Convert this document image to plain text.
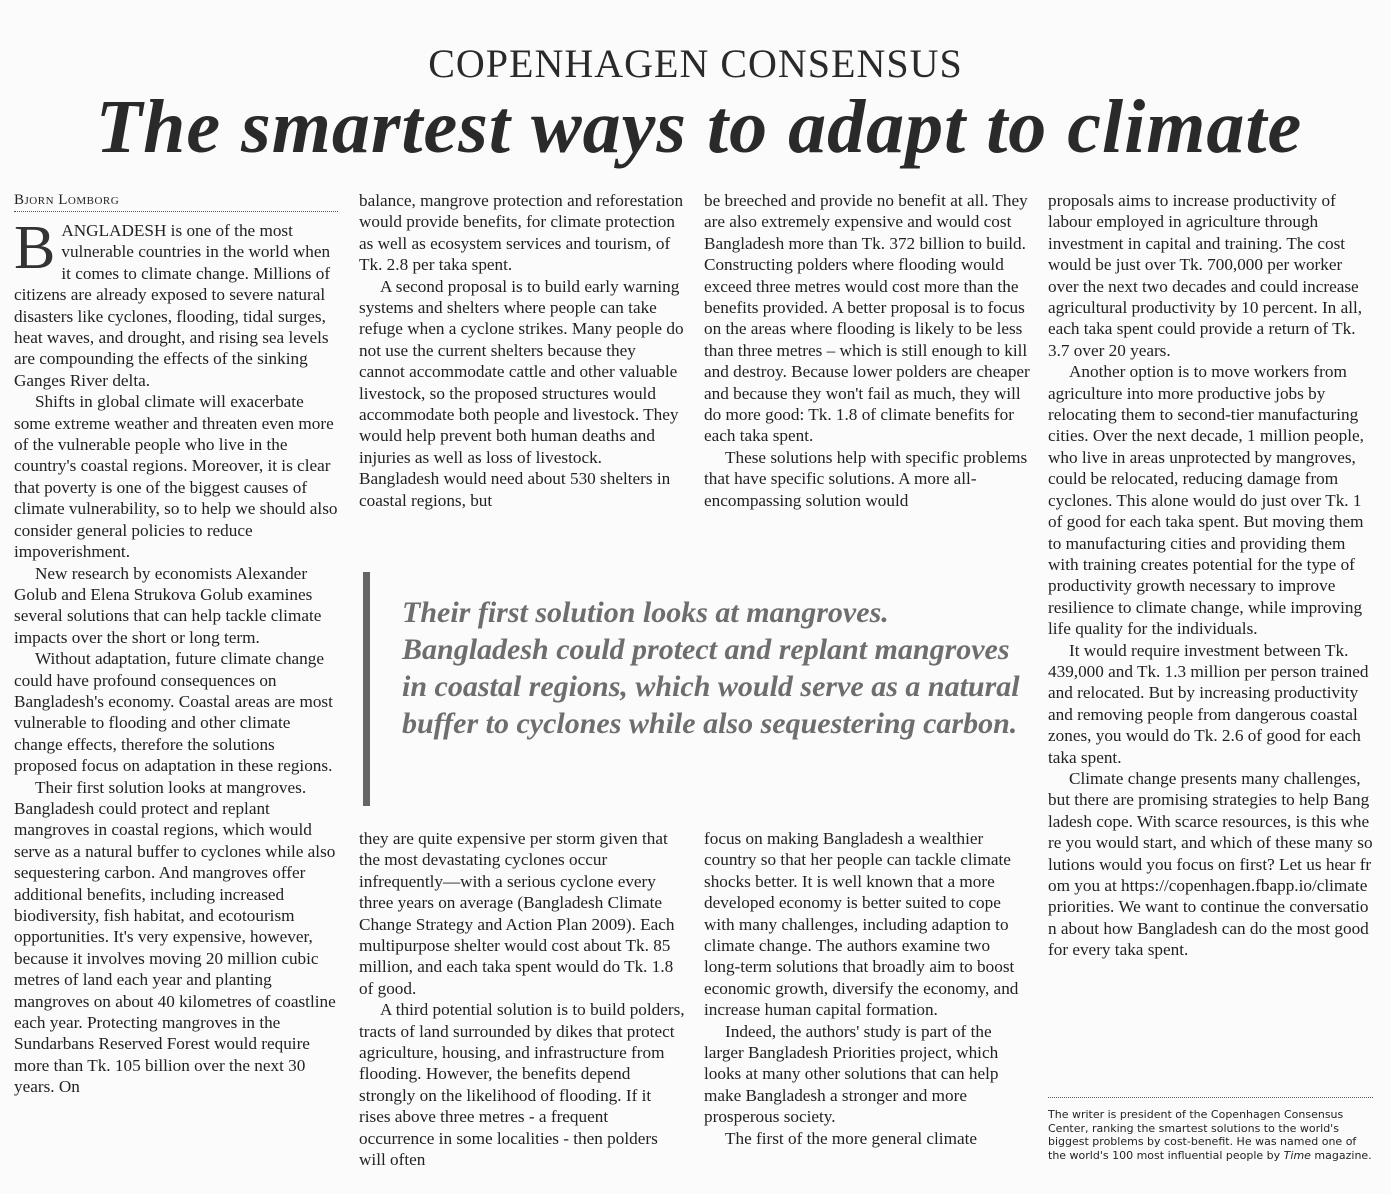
COPENHAGEN CONSENSUS
The smartest ways to adapt to climate
Bjorn Lomborg

BANGLADESH is one of the most vulnerable countries in the world when it comes to climate change. Millions of citizens are already exposed to severe natural disasters like cyclones, flooding, tidal surges, heat waves, and drought, and rising sea levels are compounding the effects of the sinking Ganges River delta.

Shifts in global climate will exacerbate some extreme weather and threaten even more of the vulnerable people who live in the country's coastal regions. Moreover, it is clear that poverty is one of the biggest causes of climate vulnerability, so to help we should also consider general policies to reduce impoverishment.

New research by economists Alexander Golub and Elena Strukova Golub examines several solutions that can help tackle climate impacts over the short or long term.

Without adaptation, future climate change could have profound consequences on Bangladesh's economy. Coastal areas are most vulnerable to flooding and other climate change effects, therefore the solutions proposed focus on adaptation in these regions.

Their first solution looks at mangroves. Bangladesh could protect and replant mangroves in coastal regions, which would serve as a natural buffer to cyclones while also sequestering carbon. And mangroves offer additional benefits, including increased biodiversity, fish habitat, and ecotourism opportunities. It's very expensive, however, because it involves moving 20 million cubic metres of land each year and planting mangroves on about 40 kilometres of coastline each year. Protecting mangroves in the Sundarbans Reserved Forest would require more than Tk. 105 billion over the next 30 years. On

balance, mangrove protection and reforestation would provide benefits, for climate protection as well as ecosystem services and tourism, of Tk. 2.8 per taka spent.

A second proposal is to build early warning systems and shelters where people can take refuge when a cyclone strikes. Many people do not use the current shelters because they cannot accommodate cattle and other valuable livestock, so the proposed structures would accommodate both people and livestock. They would help prevent both human deaths and injuries as well as loss of livestock. Bangladesh would need about 530 shelters in coastal regions, but

be breeched and provide no benefit at all. They are also extremely expensive and would cost Bangladesh more than Tk. 372 billion to build. Constructing polders where flooding would exceed three metres would cost more than the benefits provided. A better proposal is to focus on the areas where flooding is likely to be less than three metres – which is still enough to kill and destroy. Because lower polders are cheaper and because they won't fail as much, they will do more good: Tk. 1.8 of climate benefits for each taka spent.

These solutions help with specific problems that have specific solutions. A more all-encompassing solution would

Their first solution looks at mangroves. Bangladesh could protect and replant mangroves in coastal regions, which would serve as a natural buffer to cyclones while also sequestering carbon.

they are quite expensive per storm given that the most devastating cyclones occur infrequently—with a serious cyclone every three years on average (Bangladesh Climate Change Strategy and Action Plan 2009). Each multipurpose shelter would cost about Tk. 85 million, and each taka spent would do Tk. 1.8 of good.

A third potential solution is to build polders, tracts of land surrounded by dikes that protect agriculture, housing, and infrastructure from flooding. However, the benefits depend strongly on the likelihood of flooding. If it rises above three metres - a frequent occurrence in some localities - then polders will often

focus on making Bangladesh a wealthier country so that her people can tackle climate shocks better. It is well known that a more developed economy is better suited to cope with many challenges, including adaption to climate change. The authors examine two long-term solutions that broadly aim to boost economic growth, diversify the economy, and increase human capital formation.

Indeed, the authors' study is part of the larger Bangladesh Priorities project, which looks at many other solutions that can help make Bangladesh a stronger and more prosperous society.

The first of the more general climate

proposals aims to increase productivity of labour employed in agriculture through investment in capital and training. The cost would be just over Tk. 700,000 per worker over the next two decades and could increase agricultural productivity by 10 percent. In all, each taka spent could provide a return of Tk. 3.7 over 20 years.

Another option is to move workers from agriculture into more productive jobs by relocating them to second-tier manufacturing cities. Over the next decade, 1 million people, who live in areas unprotected by mangroves, could be relocated, reducing damage from cyclones. This alone would do just over Tk. 1 of good for each taka spent. But moving them to manufacturing cities and providing them with training creates potential for the type of productivity growth necessary to improve resilience to climate change, while improving life quality for the individuals.

It would require investment between Tk. 439,000 and Tk. 1.3 million per person trained and relocated. But by increasing productivity and removing people from dangerous coastal zones, you would do Tk. 2.6 of good for each taka spent.

Climate change presents many challenges, but there are promising strategies to help Bangladesh cope. With scarce resources, is this where you would start, and which of these many solutions would you focus on first? Let us hear from you at https://copenhagen.fbapp.io/climatepriorities. We want to continue the conversation about how Bangladesh can do the most good for every taka spent.

The writer is president of the Copenhagen Consensus Center, ranking the smartest solutions to the world's biggest problems by cost-benefit. He was named one of the world's 100 most influential people by Time magazine.
